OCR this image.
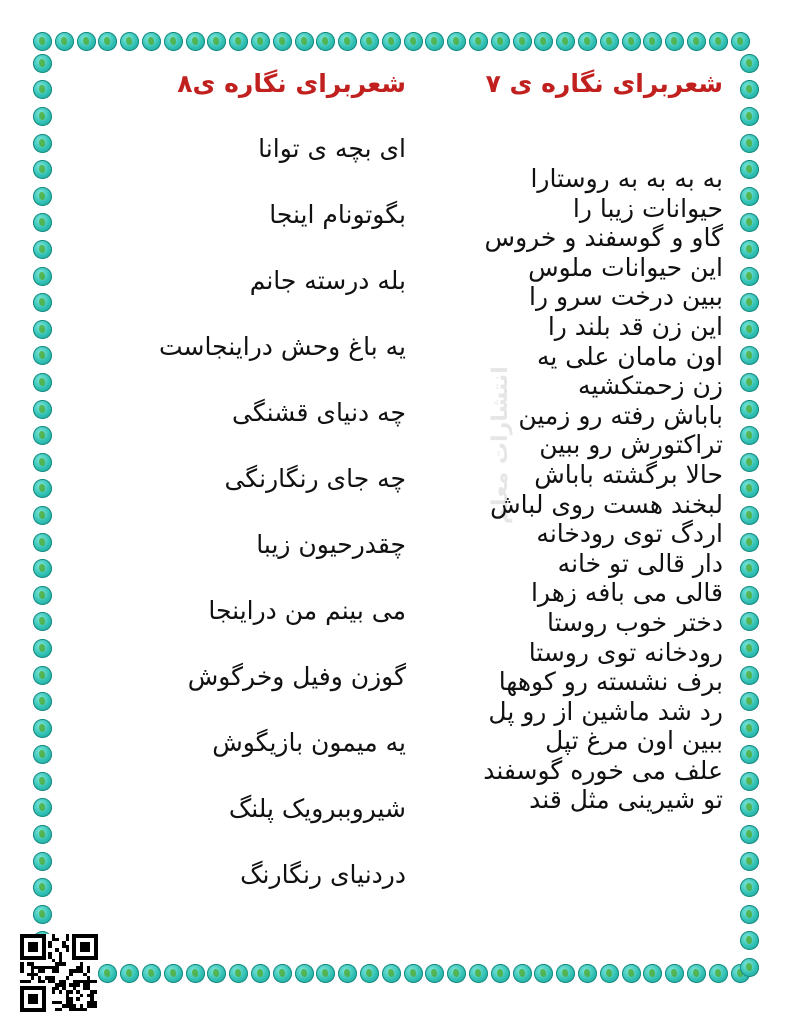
انتشارات معلم
شعربرای نگاره ی ۷
به به به به روستارا
حیوانات زیبا را
گاو و گوسفند و خروس
این حیوانات ملوس
ببین درخت سرو را
این زن قد بلند را
اون مامان علی یه
زن زحمتکشیه
باباش رفته رو زمین
تراکتورش رو ببین
حالا برگشته باباش
لبخند هست روی لباش
اردگ توی رودخانه
دار قالی تو خانه
قالی می بافه زهرا
دختر خوب روستا
رودخانه توی روستا
برف نشسته رو کوهها
رد شد ماشین از رو پل
ببین اون مرغ تپل
علف می خوره گوسفند
تو شیرینی مثل قند
شعربرای نگاره ی۸
ای بچه ی توانا
بگوتونام اینجا
بله درسته جانم
یه باغ وحش دراینجاست
چه دنیای قشنگی
چه جای رنگارنگی
چقدرحیون زیبا
می بینم من دراینجا
گوزن وفیل وخرگوش
یه میمون بازیگوش
شیروببرویک پلنگ
دردنیای رنگارنگ
